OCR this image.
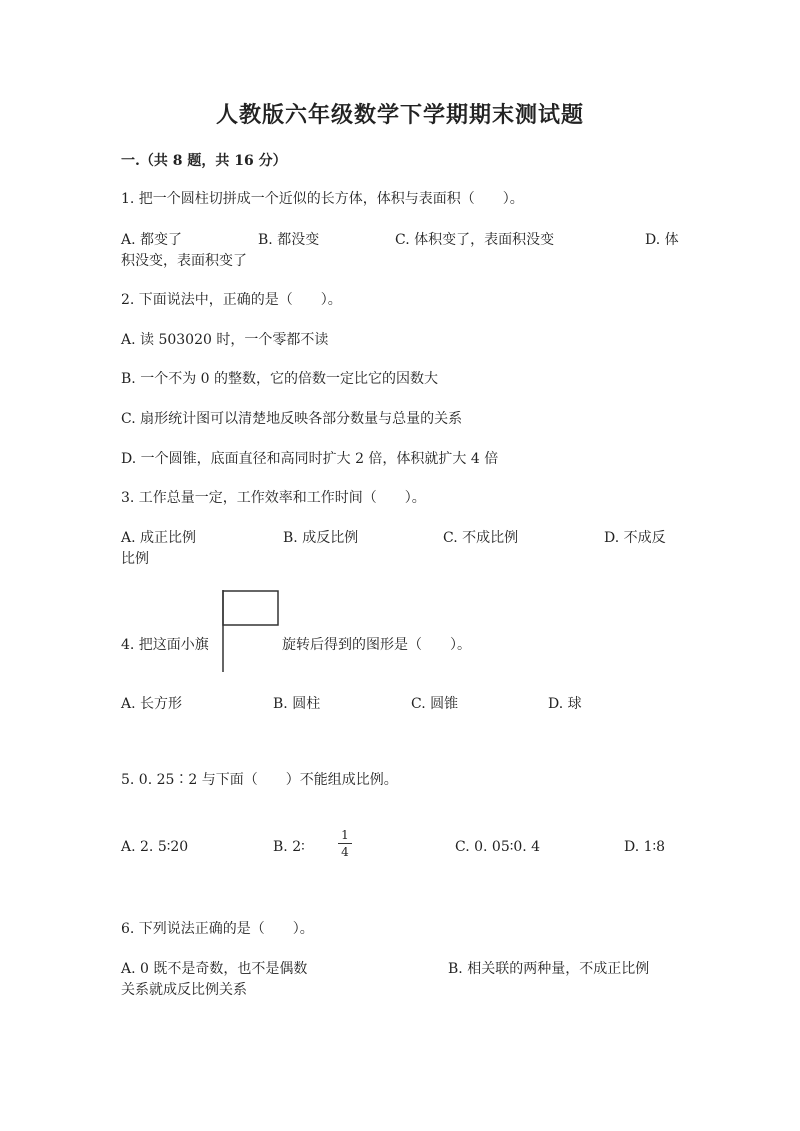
人教版六年级数学下学期期末测试题
一.（共 8 题，共 16 分）
1. 把一个圆柱切拼成一个近似的长方体，体积与表面积（　　）。
A. 都变了	B. 都没变	C. 体积变了，表面积没变	D. 体
积没变，表面积变了
2. 下面说法中，正确的是（　　）。
A. 读 503020 时，一个零都不读
B. 一个不为 0 的整数，它的倍数一定比它的因数大
C. 扇形统计图可以清楚地反映各部分数量与总量的关系
D. 一个圆锥，底面直径和高同时扩大 2 倍，体积就扩大 4 倍
3. 工作总量一定，工作效率和工作时间（　　）。
A. 成正比例	B. 成反比例	C. 不成比例	D. 不成反
比例
4. 把这面小旗	旋转后得到的图形是（　　）。
A. 长方形	B. 圆柱	C. 圆锥	D. 球
5. 0. 25∶2 与下面（　　）不能组成比例。
A. 2. 5∶20	B. 2∶
1
4	C. 0. 05∶0. 4	D. 1∶8
6. 下列说法正确的是（　　）。
A. 0 既不是奇数，也不是偶数	B. 相关联的两种量，不成正比例
关系就成反比例关系
